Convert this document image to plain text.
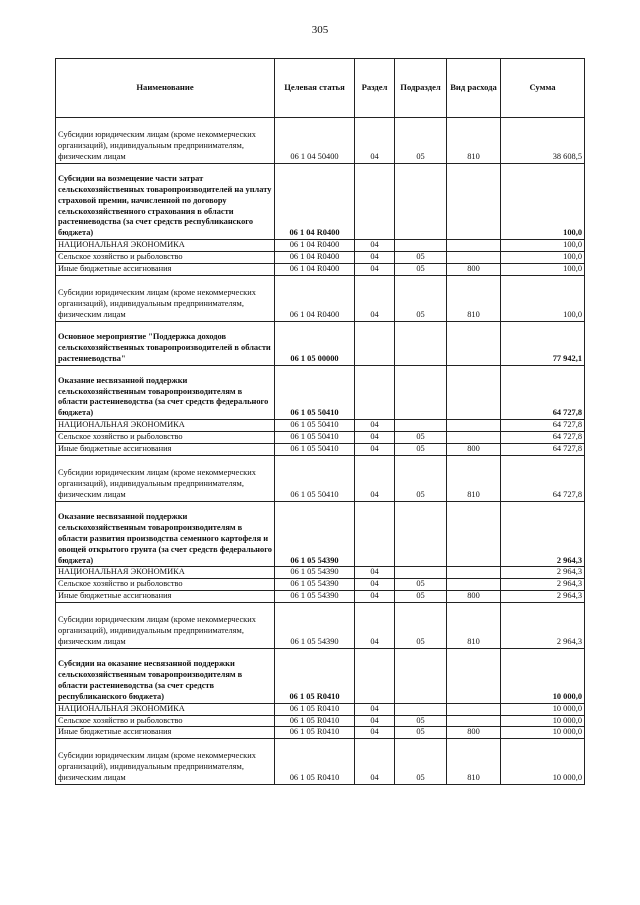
305
Наименование	Целевая статья	Раздел	Подраздел	Вид расхода	Сумма
Субсидии юридическим лицам (кроме некоммерческих организаций), индивидуальным предпринимателям, физическим лицам	06 1 04 50400	04	05	810	38 608,5
Субсидии на возмещение части затрат сельскохозяйственных товаропроизводителей на уплату страховой премии, начисленной по договору сельскохозяйственного страхования в области растениеводства (за счет средств республиканского бюджета)	06 1 04 R0400				100,0
НАЦИОНАЛЬНАЯ ЭКОНОМИКА	06 1 04 R0400	04			100,0
Сельское хозяйство и рыболовство	06 1 04 R0400	04	05		100,0
Иные бюджетные ассигнования	06 1 04 R0400	04	05	800	100,0
Субсидии юридическим лицам (кроме некоммерческих организаций), индивидуальным предпринимателям, физическим лицам	06 1 04 R0400	04	05	810	100,0
Основное мероприятие "Поддержка доходов сельскохозяйственных товаропроизводителей в области растениеводства"	06 1 05 00000				77 942,1
Оказание несвязанной поддержки сельскохозяйственным товаропроизводителям в области растениеводства (за счет средств федерального бюджета)	06 1 05 50410				64 727,8
НАЦИОНАЛЬНАЯ ЭКОНОМИКА	06 1 05 50410	04			64 727,8
Сельское хозяйство и рыболовство	06 1 05 50410	04	05		64 727,8
Иные бюджетные ассигнования	06 1 05 50410	04	05	800	64 727,8
Субсидии юридическим лицам (кроме некоммерческих организаций), индивидуальным предпринимателям, физическим лицам	06 1 05 50410	04	05	810	64 727,8
Оказание несвязанной поддержки сельскохозяйственным товаропроизводителям в области развития производства семенного картофеля и овощей открытого грунта (за счет средств федерального бюджета)	06 1 05 54390				2 964,3
НАЦИОНАЛЬНАЯ ЭКОНОМИКА	06 1 05 54390	04			2 964,3
Сельское хозяйство и рыболовство	06 1 05 54390	04	05		2 964,3
Иные бюджетные ассигнования	06 1 05 54390	04	05	800	2 964,3
Субсидии юридическим лицам (кроме некоммерческих организаций), индивидуальным предпринимателям, физическим лицам	06 1 05 54390	04	05	810	2 964,3
Субсидии на оказание несвязанной поддержки сельскохозяйственным товаропроизводителям в области растениеводства (за счет средств республиканского бюджета)	06 1 05 R0410				10 000,0
НАЦИОНАЛЬНАЯ ЭКОНОМИКА	06 1 05 R0410	04			10 000,0
Сельское хозяйство и рыболовство	06 1 05 R0410	04	05		10 000,0
Иные бюджетные ассигнования	06 1 05 R0410	04	05	800	10 000,0
Субсидии юридическим лицам (кроме некоммерческих организаций), индивидуальным предпринимателям, физическим лицам	06 1 05 R0410	04	05	810	10 000,0
